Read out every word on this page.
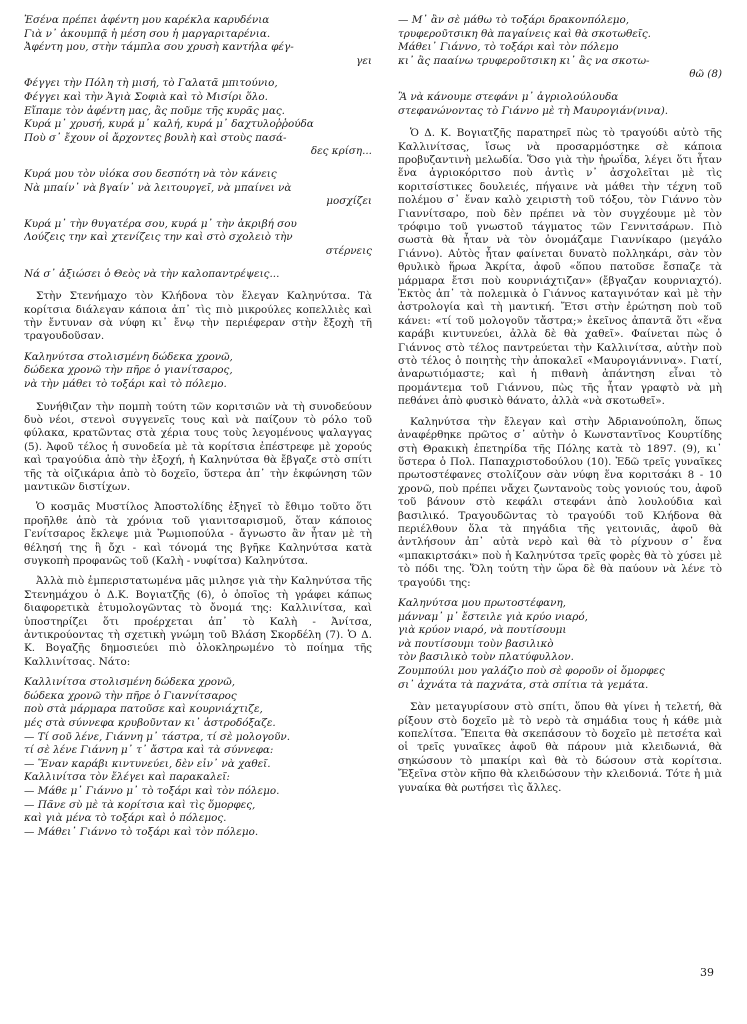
Ἐσένα πρέπει ἀφέντη μου καρέκλα καρυδένια
Γιὰ ν᾽ ἀκουμπᾷ ἡ μέση σου ἡ μαργαριταρένια.
Ἀφέντη μου, στὴν τάμπλα σου χρυσὴ καντήλα φέγ-
γει
Φέγγει τὴν Πόλη τὴ μισή, τὸ Γαλατᾶ μπιτούνιο,
Φέγγει καὶ τὴν Ἁγιὰ Σοφιὰ καὶ τὸ Μισίρι ὅλο.
Εἴπαμε τὸν ἀφέντη μας, ἂς ποῦμε τῆς κυρᾶς μας.
Κυρά μ᾽ χρυσή, κυρά μ᾽ καλή, κυρά μ᾽ δαχτυλοῤῥούδα
Ποὺ σ᾽ ἔχουν οἱ ἄρχοντες βουλὴ καὶ στοὺς πασά-
δες κρίση...
Κυρά μου τὸν υἱόκα σου δεσπότη νὰ τὸν κάνεις
Νὰ μπαίν᾽ νὰ βγαίν᾽ νὰ λειτουργεῖ, νὰ μπαίνει νὰ
μοσχίζει
Κυρά μ᾽ τὴν θυγατέρα σου, κυρά μ᾽ τὴν ἀκριβή σου
Λούζεις την καὶ χτενίζεις την καὶ στὸ σχολειὸ τὴν
στέρνεις
Νά σ᾽ ἀξιώσει ὁ Θεὸς νὰ τὴν καλοπαντρέψεις...

Στὴν Στενήμαχο τὸν Κλήδονα τὸν ἔλεγαν Καληνύτσα. Τὰ κορίτσια διάλεγαν κάποια ἀπ᾽ τὶς πιὸ μικρούλες κοπελλιὲς καὶ τὴν ἔντυναν σὰ νύφη κι᾽ ἔνῳ τὴν περιέφεραν στὴν ἔξοχὴ τῆ τραγουδοῦσαν.

Καληνύτσα στολισμένη δώδεκα χρονῶ,
δώδεκα χρονῶ τὴν πῆρε ὁ γιανίτσαρος,
νὰ τὴν μάθει τὸ τοξάρι καὶ τὸ πόλεμο.

Συνήθιζαν τὴν πομπὴ τούτη τῶν κοριτσιῶν νὰ τὴ συνοδεύουν δυὸ νέοι, στενοὶ συγγενεῖς τους καὶ νὰ παίζουν τὸ ρόλο τοῦ φύλακα, κρατῶντας στὰ χέρια τους τοὺς λεγομένους ψαλαγγας (5). Ἀφοῦ τέλος ἡ συνοδεία μὲ τὰ κορίτσια ἐπέστρεφε μὲ χορούς καὶ τραγούδια ἀπὸ τὴν ἐξοχή, ἡ Καληνύτσα θὰ ἔβγαζε στὸ σπίτι τῆς τὰ οἰζικάρια ἀπὸ τὸ δοχεῖο, ὕστερα ἀπ᾽ τὴν ἐκφώνηση τῶν μαντικῶν διστίχων.

Ὁ κοσμᾶς Μυστίλος Ἀποστολίδης ἐξηγεῖ τὸ ἔθιμο τοῦτο ὅτι προῆλθε ἀπὸ τὰ χρόνια τοῦ γιανιτσαρισμοῦ, ὅταν κάποιος Γενίτσαρος ἔκλεψε μιὰ Ῥωμιοπούλα - ἄγνωστο ἂν ἦταν μὲ τὴ θέλησή της ἢ ὄχι - καὶ τόνομά της βγῆκε Καληνύτσα κατὰ συγκοπὴ προφανῶς τοῦ (Καλὴ - νυφίτσα) Καληνύτσα.

Ἀλλὰ πιὸ ἐμπεριστατωμένα μᾶς μιλησε γιὰ τὴν Καληνύτσα τῆς Στενημάχου ὁ Δ.Κ. Βογιατζῆς (6), ὁ ὁποῖος τὴ γράφει κάπως διαφορετικὰ ἐτυμολογῶντας τὸ ὄνομά της: Καλλινίτσα, καὶ ὑποστηρίζει ὅτι προέρχεται ἀπ᾽ τὸ Καλὴ - Ἀνίτσα, ἀντικρούοντας τὴ σχετικὴ γνώμη τοῦ Βλάση Σκορδέλη (7). Ὁ Δ. Κ. Βογαζῆς δημοσιεύει πιὸ ὁλοκληρωμένο τὸ ποίημα τῆς Καλλινίτσας. Νάτο:

Καλλινίτσα στολισμένη δώδεκα χρονῶ,
δώδεκα χρονῶ τὴν πῆρε ὁ Γιαννίτσαρος
ποὺ στὰ μάρμαρα πατοῦσε καὶ κουρνιάχτιζε,
μές στὰ σύννεφα κρυβοῦνταν κι᾽ ἀστροδόξαζε.
— Τί σοῦ λένε, Γιάννη μ᾽ τάστρα, τί σὲ μολογοῦν.
τί σὲ λένε Γιάννη μ᾽ τ᾽ ἄστρα καὶ τὰ σύννεφα:
— Ἕναν καράβι κιντυνεύει, δὲν εἶν᾽ νὰ χαθεῖ.
Καλλινίτσα τὸν ἔλέγει καὶ παρακαλεῖ:
— Μάθε μ᾽ Γιάννο μ᾽ τὸ τοξάρι καὶ τὸν πόλεμο.
— Πᾶνε σὺ μὲ τὰ κορίτσια καὶ τὶς ὅμορφες,
καὶ γιὰ μένα τὸ τοξάρι καὶ ὁ πόλεμος.
— Μάθει᾽ Γιάννο τὸ τοξάρι καὶ τὸν πόλεμο.
— Μ᾽ ἂν σὲ μάθω τὸ τοξάρι δρακονπόλεμο,
τρυφεροῦτσικη θὰ παγαίνεις καὶ θὰ σκοτωθεῖς.
Μάθει᾽ Γιάννο, τὸ τοξάρι καὶ τὸν πόλεμο
κι᾽ ἂς πααίνω τρυφεροῦτσικη κι᾽ ἂς να σκοτω-
θῶ (8)
Ἂ νὰ κάνουμε στεφάνι μ᾽ ἀγριολούλουδα
στεφανώνοντας τὸ Γιάννο μὲ τὴ Μαυρογιάν(νινα).

Ὁ Δ. Κ. Βογιατζῆς παρατηρεῖ πὼς τὸ τραγούδι αὐτὸ τῆς Καλλινίτσας, ἴσως νὰ προσαρμόστηκε σὲ κάποια προβυζαντινὴ μελωδία. Ὅσο γιὰ τὴν ἡρωΐδα, λέγει ὅτι ἦταν ἕνα ἀγριοκόριτσο ποὺ ἀντὶς ν᾽ ἀσχολεῖται μὲ τὶς κοριτσίστικες δουλειές, πήγαινε νὰ μάθει τὴν τέχνη τοῦ πολέμου σ᾽ ἕναν καλὸ χειριστὴ τοῦ τόξου, τὸν Γιάννο τὸν Γιαννίτσαρο, ποὺ δὲν πρέπει νὰ τὸν συγχέουμε μὲ τὸν τρόφιμο τοῦ γνωστοῦ τάγματος τῶν Γεννιτσάρων. Πιὸ σωστὰ θὰ ἦταν νὰ τὸν ὀνομάζαμε Γιαννίκαρο (μεγάλο Γιάννο). Αὐτὸς ἦταν φαίνεται δυνατὸ πολληκάρι, σὰν τὸν θρυλικὸ ἥρωα Ἀκρίτα, ἀφοῦ «ὅπου πατοῦσε ἔσπαζε τὰ μάρμαρα ἔτσι ποὺ κουρνιάχτιζαν» (ἔβγαζαν κουρνιαχτό). Ἐκτὸς ἀπ᾽ τὰ πολεμικὰ ὁ Γιάννος καταγινόταν καὶ μὲ τὴν ἀστρολογία καὶ τὴ μαντική. Ἔτσι στὴν ἐρώτηση ποὺ τοῦ κάνει: «τί τοῦ μολογοῦν τἄστρα;» ἐκεῖνος ἀπαντᾶ ὅτι «ἕνα καράβι κιντυνεύει, ἀλλὰ δὲ θὰ χαθεῖ». Φαίνεται πὼς ὁ Γιάννος στὸ τέλος παντρεύεται τὴν Καλλινίτσα, αὐτὴν ποὺ στὸ τέλος ὁ ποιητὴς τὴν ἀποκαλεῖ «Μαυρογιάννινα». Γιατί, ἀναρωτιόμαστε; καὶ ἡ πιθανὴ ἀπάντηση εἶναι τὸ προμάντεμα τοῦ Γιάννου, πὼς τῆς ἦταν γραφτὸ νὰ μὴ πεθάνει ἀπὸ φυσικὸ θάνατο, ἀλλὰ «νὰ σκοτωθεῖ».

Καληνύτσα τὴν ἔλεγαν καὶ στὴν Ἀδριανούπολη, ὅπως ἀναφέρθηκε πρῶτος σ᾽ αὐτὴν ὁ Κωνσταντῖνος Κουρτίδης στὴ Θρακικὴ ἐπετηρίδα τῆς Πόλης κατὰ τὸ 1897. (9), κι᾽ ὕστερα ὁ Πολ. Παπαχριστοδούλου (10). Ἐδῶ τρεῖς γυναῖκες πρωτοστέφανες στολίζουν σὰν νύφη ἕνα κοριτσάκι 8 - 10 χρονῶ, ποὺ πρέπει νἄχει ζωντανοὺς τοὺς γονιούς του, ἀφοῦ τοῦ βάνουν στὸ κεφάλι στεφάνι ἀπὸ λουλούδια καὶ βασιλικό. Τραγουδῶντας τὸ τραγούδι τοῦ Κλήδονα θὰ περιέλθουν ὅλα τὰ πηγάδια τῆς γειτονιᾶς, ἀφοῦ θὰ ἀντλήσουν ἀπ᾽ αὐτὰ νερὸ καὶ θὰ τὸ ρίχνουν σ᾽ ἕνα «μπακιρτσάκι» ποὺ ἡ Καληνύτσα τρεῖς φορὲς θὰ τὸ χύσει μὲ τὸ πόδι της. Ὅλη τούτη τὴν ὥρα δὲ θὰ παύουν νὰ λένε τὸ τραγούδι της:

Καληνύτσα μου πρωτοστέφανη,
μάνναμ᾽ μ᾽ ἔστειλε γιὰ κρύο νιαρό,
γιὰ κρύον νιαρό, νὰ πουτίσουμι
νὰ πουτίσουμι τοὺν βασιλικὸ
τὸν βασιλικὸ τοὺν πλατύφυλλον.
Ζουμπούλι μου γαλάζιο ποὺ σὲ φοροῦν οἱ ὅμορφες
σι᾽ ἀχνάτα τὰ παχνάτα, στὰ σπίτια τὰ γεμάτα.

Σὰν μεταγυρίσουν στὸ σπίτι, ὅπου θὰ γίνει ἡ τελετή, θὰ ρίξουν στὸ δοχεῖο μὲ τὸ νερὸ τὰ σημάδια τους ἡ κάθε μιὰ κοπελίτσα. Ἔπειτα θὰ σκεπάσουν τὸ δοχεῖο μὲ πετσέτα καὶ οἱ τρεῖς γυναῖκες ἀφοῦ θὰ πάρουν μιὰ κλειδωνιά, θὰ σηκώσουν τὸ μπακίρι καὶ θὰ τὸ δώσουν στὰ κορίτσια. Ἔξεῖνα στὸν κῆπο θὰ κλειδώσουν τὴν κλειδονιά. Τότε ἡ μιὰ γυναίκα θὰ ρωτήσει τὶς ἄλλες.

39
